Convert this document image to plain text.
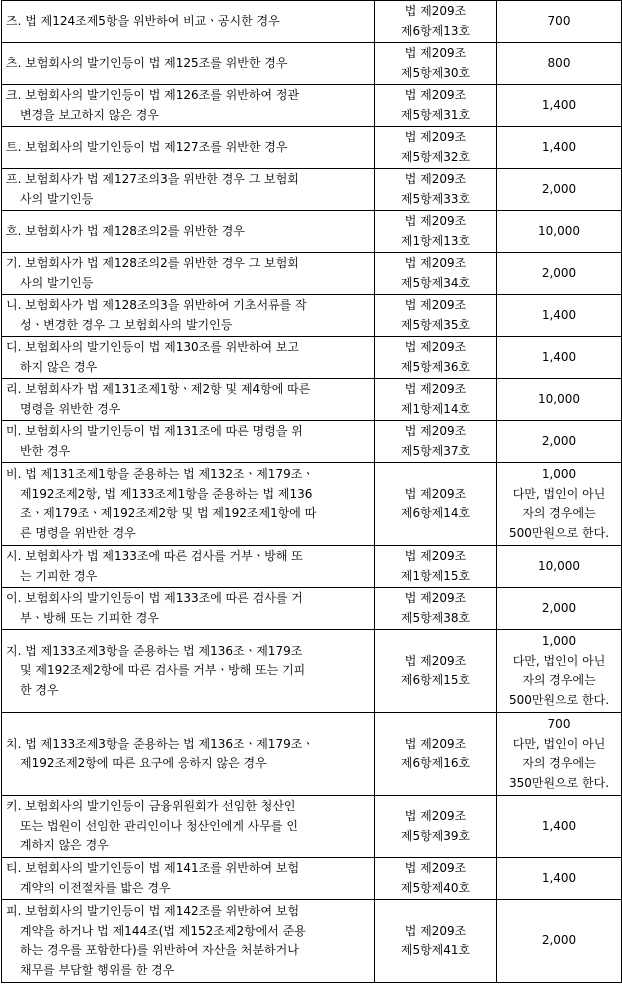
즈. 법 제124조제5항을 위반하여 비교ㆍ공시한 경우	법 제209조
제6항제13호	700

츠. 보험회사의 발기인등이 법 제125조를 위반한 경우	법 제209조
제5항제30호	800

크. 보험회사의 발기인등이 법 제126조를 위반하여 정관
변경을 보고하지 않은 경우	법 제209조
제5항제31호	1,400

트. 보험회사의 발기인등이 법 제127조를 위반한 경우	법 제209조
제5항제32호	1,400

프. 보험회사가 법 제127조의3을 위반한 경우 그 보험회
사의 발기인등	법 제209조
제5항제33호	2,000

흐. 보험회사가 법 제128조의2를 위반한 경우	법 제209조
제1항제13호	10,000

기. 보험회사가 법 제128조의2를 위반한 경우 그 보험회
사의 발기인등	법 제209조
제5항제34호	2,000

니. 보험회사가 법 제128조의3을 위반하여 기초서류를 작
성ㆍ변경한 경우 그 보험회사의 발기인등	법 제209조
제5항제35호	1,400

디. 보험회사의 발기인등이 법 제130조를 위반하여 보고
하지 않은 경우	법 제209조
제5항제36호	1,400

리. 보험회사가 법 제131조제1항ㆍ제2항 및 제4항에 따른
명령을 위반한 경우	법 제209조
제1항제14호	10,000

미. 보험회사의 발기인등이 법 제131조에 따른 명령을 위
반한 경우	법 제209조
제5항제37호	2,000

비. 법 제131조제1항을 준용하는 법 제132조ㆍ제179조ㆍ
제192조제2항, 법 제133조제1항을 준용하는 법 제136
조ㆍ제179조ㆍ제192조제2항 및 법 제192조제1항에 따
른 명령을 위반한 경우	법 제209조
제6항제14호	1,000
다만, 법인이 아닌
자의 경우에는
500만원으로 한다.

시. 보험회사가 법 제133조에 따른 검사를 거부ㆍ방해 또
는 기피한 경우	법 제209조
제1항제15호	10,000

이. 보험회사의 발기인등이 법 제133조에 따른 검사를 거
부ㆍ방해 또는 기피한 경우	법 제209조
제5항제38호	2,000

지. 법 제133조제3항을 준용하는 법 제136조ㆍ제179조
및 제192조제2항에 따른 검사를 거부ㆍ방해 또는 기피
한 경우	법 제209조
제6항제15호	1,000
다만, 법인이 아닌
자의 경우에는
500만원으로 한다.

치. 법 제133조제3항을 준용하는 법 제136조ㆍ제179조ㆍ
제192조제2항에 따른 요구에 응하지 않은 경우	법 제209조
제6항제16호	700
다만, 법인이 아닌
자의 경우에는
350만원으로 한다.

키. 보험회사의 발기인등이 금융위원회가 선임한 청산인
또는 법원이 선임한 관리인이나 청산인에게 사무를 인
계하지 않은 경우	법 제209조
제5항제39호	1,400

티. 보험회사의 발기인등이 법 제141조를 위반하여 보험
계약의 이전절차를 밟은 경우	법 제209조
제5항제40호	1,400

피. 보험회사의 발기인등이 법 제142조를 위반하여 보험
계약을 하거나 법 제144조(법 제152조제2항에서 준용
하는 경우를 포함한다)를 위반하여 자산을 처분하거나
채무를 부담할 행위를 한 경우	법 제209조
제5항제41호	2,000
